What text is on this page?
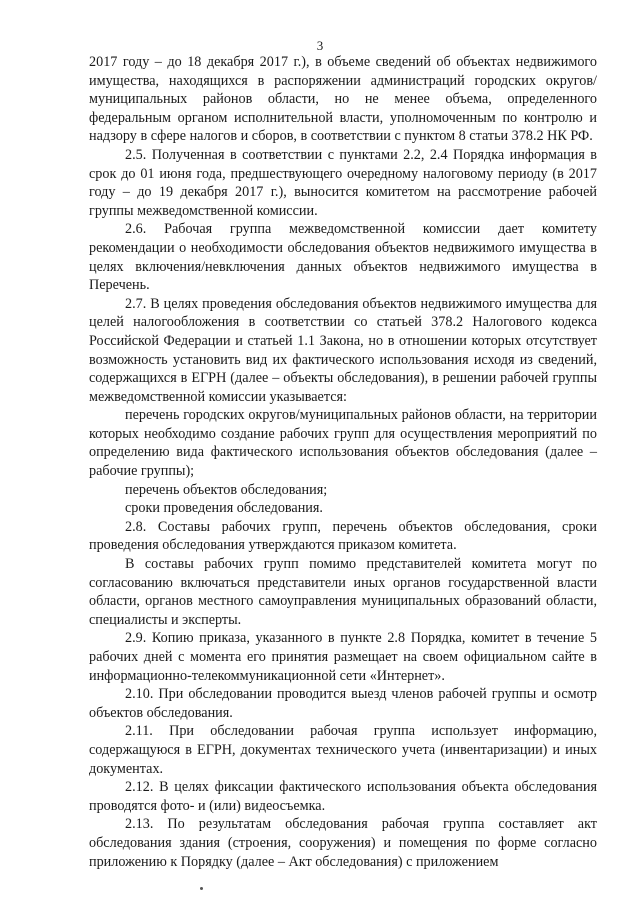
3

2017 году – до 18 декабря 2017 г.), в объеме сведений об объектах недвижимого имущества, находящихся в распоряжении администраций городских округов/муниципальных районов области, но не менее объема, определенного федеральным органом исполнительной власти, уполномоченным по контролю и надзору в сфере налогов и сборов, в соответствии с пунктом 8 статьи 378.2 НК РФ.

2.5. Полученная в соответствии с пунктами 2.2, 2.4 Порядка информация в срок до 01 июня года, предшествующего очередному налоговому периоду (в 2017 году – до 19 декабря 2017 г.), выносится комитетом на рассмотрение рабочей группы межведомственной комиссии.

2.6. Рабочая группа межведомственной комиссии дает комитету рекомендации о необходимости обследования объектов недвижимого имущества в целях включения/невключения данных объектов недвижимого имущества в Перечень.

2.7. В целях проведения обследования объектов недвижимого имущества для целей налогообложения в соответствии со статьей 378.2 Налогового кодекса Российской Федерации и статьей 1.1 Закона, но в отношении которых отсутствует возможность установить вид их фактического использования исходя из сведений, содержащихся в ЕГРН (далее – объекты обследования), в решении рабочей группы межведомственной комиссии указывается:

перечень городских округов/муниципальных районов области, на территории которых необходимо создание рабочих групп для осуществления мероприятий по определению вида фактического использования объектов обследования (далее – рабочие группы);

перечень объектов обследования;

сроки проведения обследования.

2.8. Составы рабочих групп, перечень объектов обследования, сроки проведения обследования утверждаются приказом комитета.

В составы рабочих групп помимо представителей комитета могут по согласованию включаться представители иных органов государственной власти области, органов местного самоуправления муниципальных образований области, специалисты и эксперты.

2.9. Копию приказа, указанного в пункте 2.8 Порядка, комитет в течение 5 рабочих дней с момента его принятия размещает на своем официальном сайте в информационно-телекоммуникационной сети «Интернет».

2.10. При обследовании проводится выезд членов рабочей группы и осмотр объектов обследования.

2.11. При обследовании рабочая группа использует информацию, содержащуюся в ЕГРН, документах технического учета (инвентаризации) и иных документах.

2.12. В целях фиксации фактического использования объекта обследования проводятся фото- и (или) видеосъемка.

2.13. По результатам обследования рабочая группа составляет акт обследования здания (строения, сооружения) и помещения по форме согласно приложению к Порядку (далее – Акт обследования) с приложением
